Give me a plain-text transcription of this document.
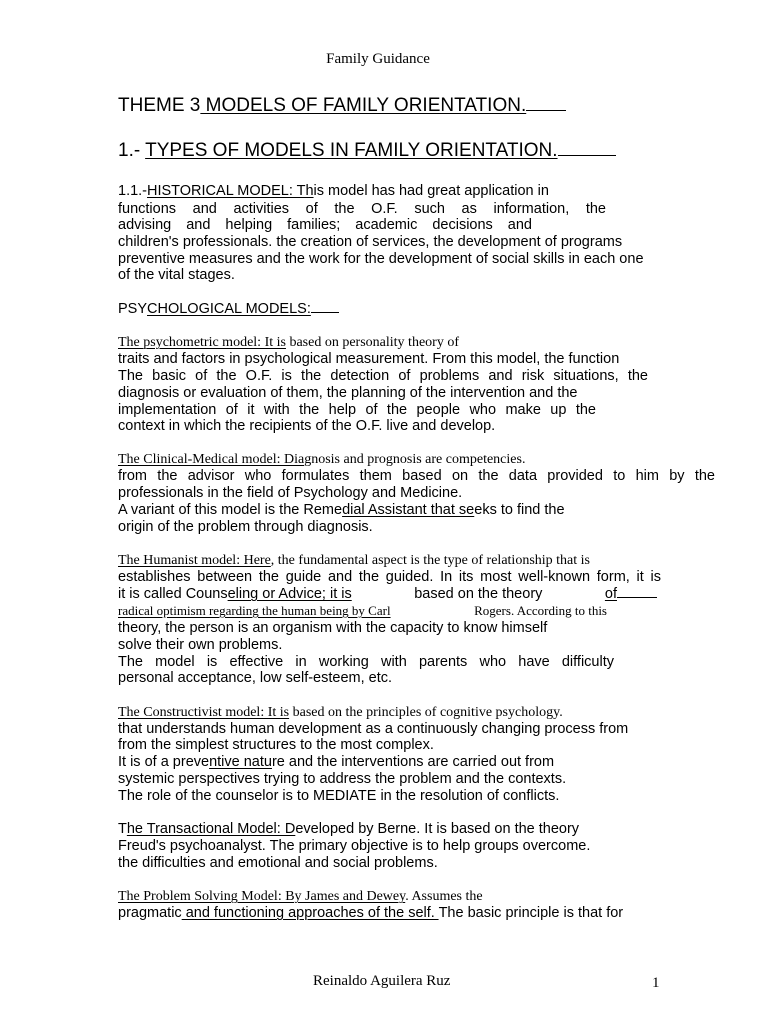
Family Guidance
THEME 3 MODELS OF FAMILY ORIENTATION.
1.- TYPES OF MODELS IN FAMILY ORIENTATION.
1.1.-HISTORICAL MODEL: This model has had great application in
functions and activities of the O.F. such as information, the
advising and helping families; academic decisions and
children's professionals. the creation of services, the development of programs
preventive measures and the work for the development of social skills in each one
of the vital stages.
PSYCHOLOGICAL MODELS:
The psychometric model: It is based on personality theory of
traits and factors in psychological measurement. From this model, the function
The basic of the O.F. is the detection of problems and risk situations, the
diagnosis or evaluation of them, the planning of the intervention and the
implementation of it with the help of the people who make up the
context in which the recipients of the O.F. live and develop.
The Clinical-Medical model: Diagnosis and prognosis are competencies.
from the advisor who formulates them based on the data provided to him by the
professionals in the field of Psychology and Medicine.
A variant of this model is the Remedial Assistant that seeks to find the
origin of the problem through diagnosis.
The Humanist model: Here, the fundamental aspect is the type of relationship that is
establishes between the guide and the guided. In its most well-known form, it is
it is called Counseling or Advice; it is	based on the theory	of
radical optimism regarding the human being by Carl	Rogers. According to this
theory, the person is an organism with the capacity to know himself
solve their own problems.
The model is effective in working with parents who have difficulty
personal acceptance, low self-esteem, etc.
The Constructivist model: It is based on the principles of cognitive psychology.
that understands human development as a continuously changing process from
from the simplest structures to the most complex.
It is of a preventive nature and the interventions are carried out from
systemic perspectives trying to address the problem and the contexts.
The role of the counselor is to MEDIATE in the resolution of conflicts.
The Transactional Model: Developed by Berne. It is based on the theory
Freud's psychoanalyst. The primary objective is to help groups overcome.
the difficulties and emotional and social problems.
The Problem Solving Model: By James and Dewey. Assumes the
pragmatic and functioning approaches of the self. The basic principle is that for
Reinaldo Aguilera Ruz	1
